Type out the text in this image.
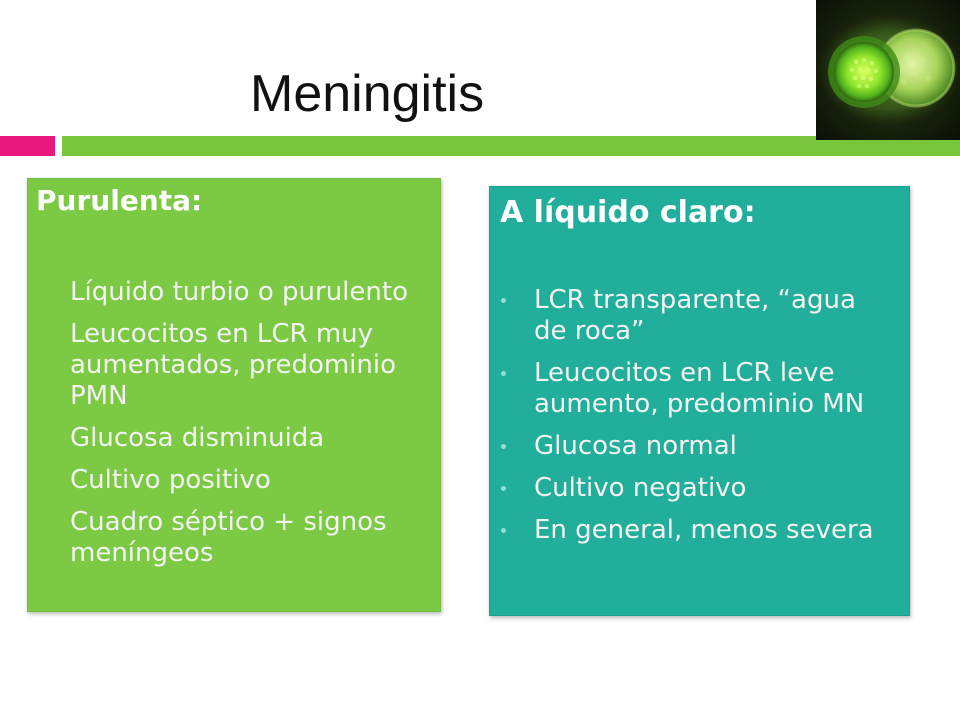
Meningitis
Purulenta:
Líquido turbio o purulento
Leucocitos en LCR muy aumentados, predominio PMN
Glucosa disminuida
Cultivo positivo
Cuadro séptico + signos meníngeos
A líquido claro:
LCR transparente, “agua de roca”
Leucocitos en LCR leve aumento, predominio MN
Glucosa normal
Cultivo negativo
En general, menos severa
